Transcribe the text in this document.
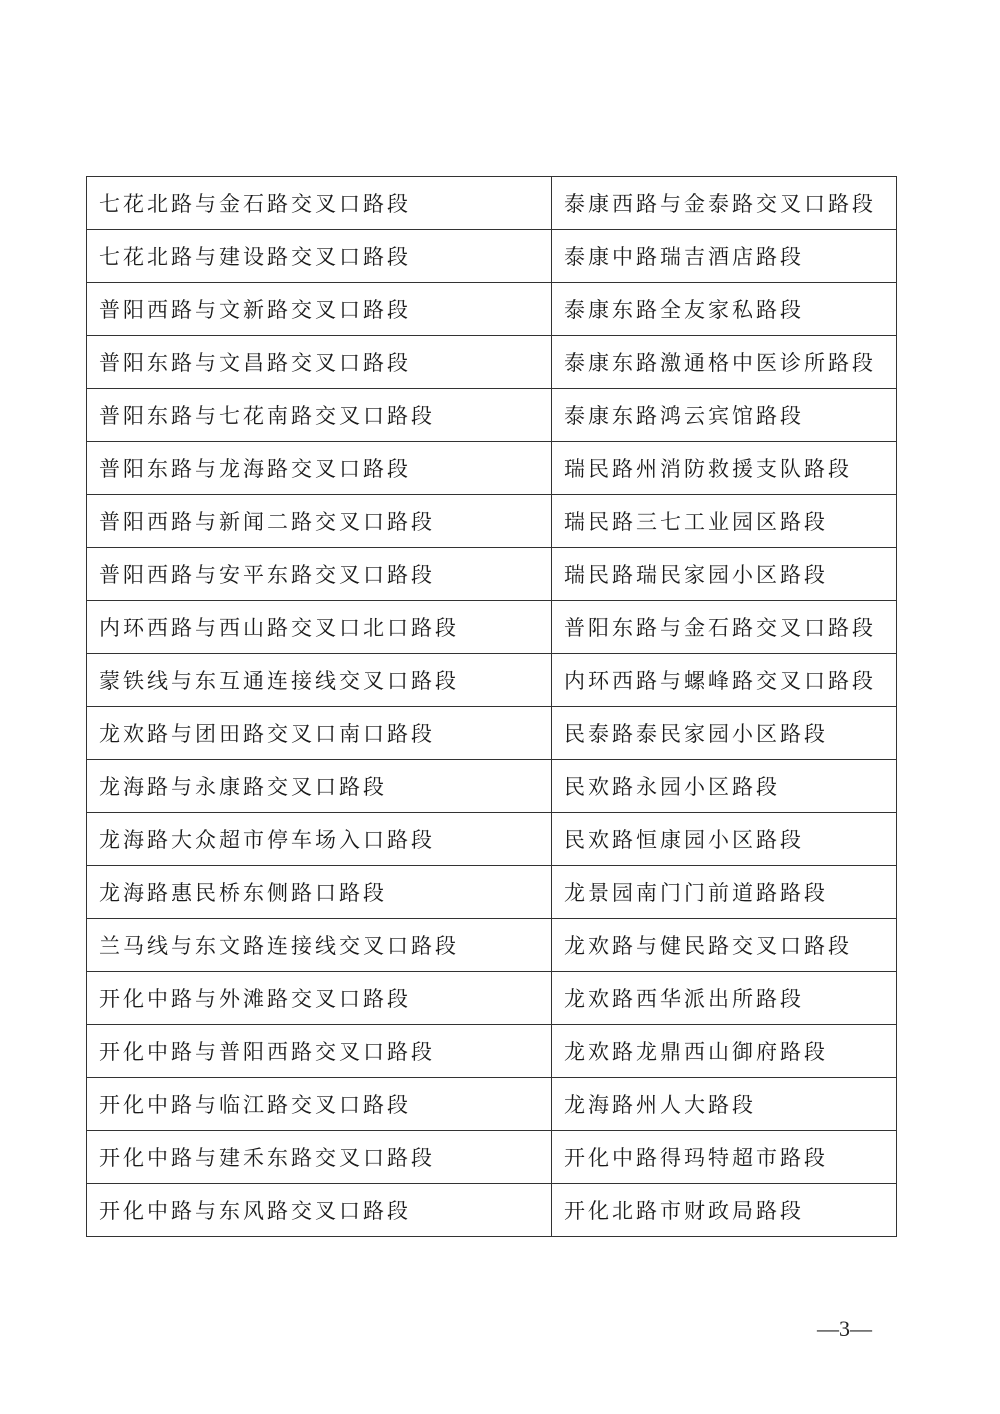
七花北路与金石路交叉口路段	泰康西路与金泰路交叉口路段
七花北路与建设路交叉口路段	泰康中路瑞吉酒店路段
普阳西路与文新路交叉口路段	泰康东路全友家私路段
普阳东路与文昌路交叉口路段	泰康东路激通格中医诊所路段
普阳东路与七花南路交叉口路段	泰康东路鸿云宾馆路段
普阳东路与龙海路交叉口路段	瑞民路州消防救援支队路段
普阳西路与新闻二路交叉口路段	瑞民路三七工业园区路段
普阳西路与安平东路交叉口路段	瑞民路瑞民家园小区路段
内环西路与西山路交叉口北口路段	普阳东路与金石路交叉口路段
蒙铁线与东互通连接线交叉口路段	内环西路与螺峰路交叉口路段
龙欢路与团田路交叉口南口路段	民泰路泰民家园小区路段
龙海路与永康路交叉口路段	民欢路永园小区路段
龙海路大众超市停车场入口路段	民欢路恒康园小区路段
龙海路惠民桥东侧路口路段	龙景园南门门前道路路段
兰马线与东文路连接线交叉口路段	龙欢路与健民路交叉口路段
开化中路与外滩路交叉口路段	龙欢路西华派出所路段
开化中路与普阳西路交叉口路段	龙欢路龙鼎西山御府路段
开化中路与临江路交叉口路段	龙海路州人大路段
开化中路与建禾东路交叉口路段	开化中路得玛特超市路段
开化中路与东风路交叉口路段	开化北路市财政局路段
—3—
